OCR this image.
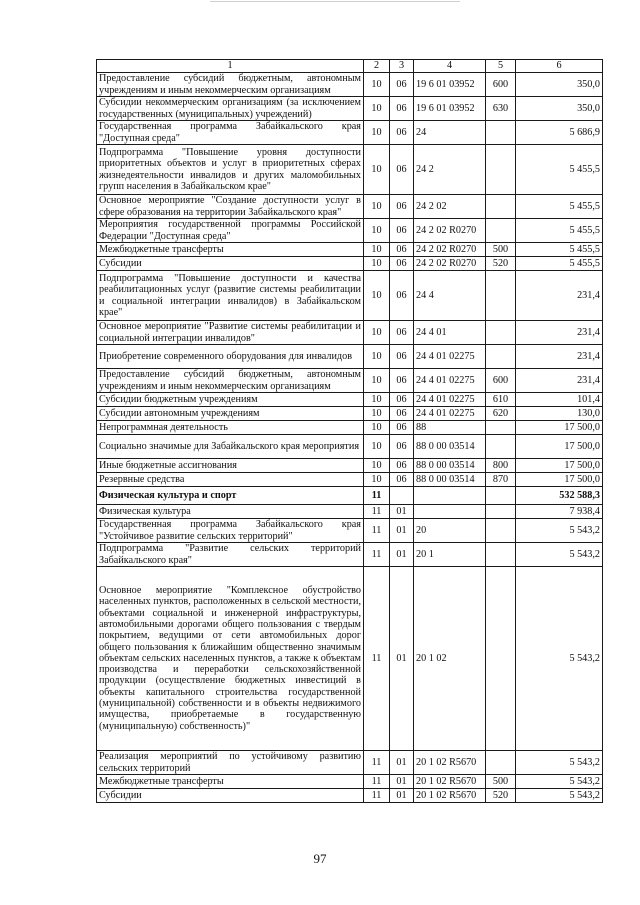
1	2	3	4	5	6
Предоставление субсидий бюджетным, автономным учреждениям и иным некоммерческим организациям	10	06	19 6 01 03952	600	350,0
Субсидии некоммерческим организациям (за исключением государственных (муниципальных) учреждений)	10	06	19 6 01 03952	630	350,0
Государственная программа Забайкальского края "Доступная среда"	10	06	24		5 686,9
Подпрограмма "Повышение уровня доступности приоритетных объектов и услуг в приоритетных сферах жизнедеятельности инвалидов и других маломобильных групп населения в Забайкальском крае"	10	06	24 2		5 455,5
Основное мероприятие "Создание доступности услуг в сфере образования на территории Забайкальского края"	10	06	24 2 02		5 455,5
Мероприятия государственной программы Российской Федерации "Доступная среда"	10	06	24 2 02 R0270		5 455,5
Межбюджетные трансферты	10	06	24 2 02 R0270	500	5 455,5
Субсидии	10	06	24 2 02 R0270	520	5 455,5
Подпрограмма "Повышение доступности и качества реабилитационных услуг (развитие системы реабилитации и социальной интеграции инвалидов) в Забайкальском крае"	10	06	24 4		231,4
Основное мероприятие "Развитие системы реабилитации и социальной интеграции инвалидов"	10	06	24 4 01		231,4
Приобретение современного оборудования для инвалидов	10	06	24 4 01 02275		231,4
Предоставление субсидий бюджетным, автономным учреждениям и иным некоммерческим организациям	10	06	24 4 01 02275	600	231,4
Субсидии бюджетным учреждениям	10	06	24 4 01 02275	610	101,4
Субсидии автономным учреждениям	10	06	24 4 01 02275	620	130,0
Непрограммная деятельность	10	06	88		17 500,0
Социально значимые для Забайкальского края мероприятия	10	06	88 0 00 03514		17 500,0
Иные бюджетные ассигнования	10	06	88 0 00 03514	800	17 500,0
Резервные средства	10	06	88 0 00 03514	870	17 500,0
Физическая культура и спорт	11				532 588,3
Физическая культура	11	01			7 938,4
Государственная программа Забайкальского края "Устойчивое развитие сельских территорий"	11	01	20		5 543,2
Подпрограмма "Развитие сельских территорий Забайкальского края"	11	01	20 1		5 543,2
Основное мероприятие "Комплексное обустройство населенных пунктов, расположенных в сельской местности, объектами социальной и инженерной инфраструктуры, автомобильными дорогами общего пользования с твердым покрытием, ведущими от сети автомобильных дорог общего пользования к ближайшим общественно значимым объектам сельских населенных пунктов, а также к объектам производства и переработки сельскохозяйственной продукции (осуществление бюджетных инвестиций в объекты капитального строительства государственной (муниципальной) собственности и в объекты недвижимого имущества, приобретаемые в государственную (муниципальную) собственность)"	11	01	20 1 02		5 543,2
Реализация мероприятий по устойчивому развитию сельских территорий	11	01	20 1 02 R5670		5 543,2
Межбюджетные трансферты	11	01	20 1 02 R5670	500	5 543,2
Субсидии	11	01	20 1 02 R5670	520	5 543,2
97
